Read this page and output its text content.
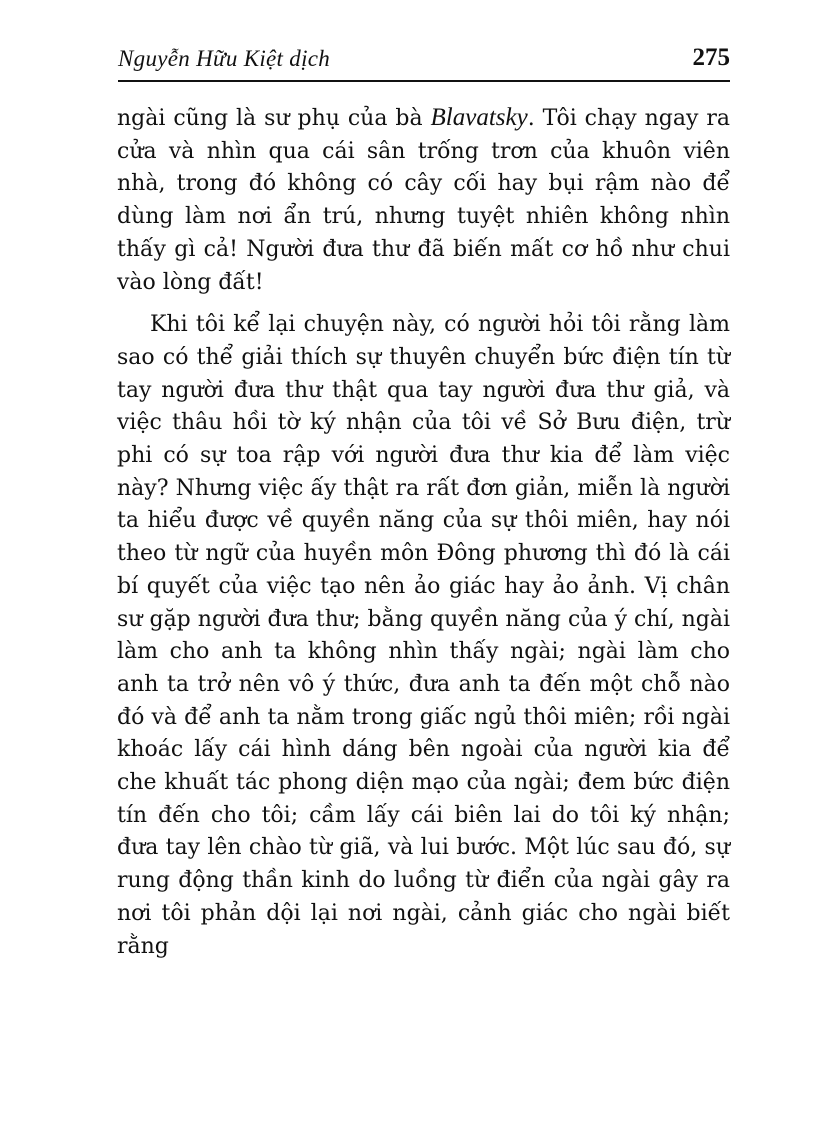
Nguyễn Hữu Kiệt dịch	275

ngài cũng là sư phụ của bà Blavatsky. Tôi chạy ngay ra cửa và nhìn qua cái sân trống trơn của khuôn viên nhà, trong đó không có cây cối hay bụi rậm nào để dùng làm nơi ẩn trú, nhưng tuyệt nhiên không nhìn thấy gì cả! Người đưa thư đã biến mất cơ hồ như chui vào lòng đất!

Khi tôi kể lại chuyện này, có người hỏi tôi rằng làm sao có thể giải thích sự thuyên chuyển bức điện tín từ tay người đưa thư thật qua tay người đưa thư giả, và việc thâu hồi tờ ký nhận của tôi về Sở Bưu điện, trừ phi có sự toa rập với người đưa thư kia để làm việc này? Nhưng việc ấy thật ra rất đơn giản, miễn là người ta hiểu được về quyền năng của sự thôi miên, hay nói theo từ ngữ của huyền môn Đông phương thì đó là cái bí quyết của việc tạo nên ảo giác hay ảo ảnh. Vị chân sư gặp người đưa thư; bằng quyền năng của ý chí, ngài làm cho anh ta không nhìn thấy ngài; ngài làm cho anh ta trở nên vô ý thức, đưa anh ta đến một chỗ nào đó và để anh ta nằm trong giấc ngủ thôi miên; rồi ngài khoác lấy cái hình dáng bên ngoài của người kia để che khuất tác phong diện mạo của ngài; đem bức điện tín đến cho tôi; cầm lấy cái biên lai do tôi ký nhận; đưa tay lên chào từ giã, và lui bước. Một lúc sau đó, sự rung động thần kinh do luồng từ điển của ngài gây ra nơi tôi phản dội lại nơi ngài, cảnh giác cho ngài biết rằng
